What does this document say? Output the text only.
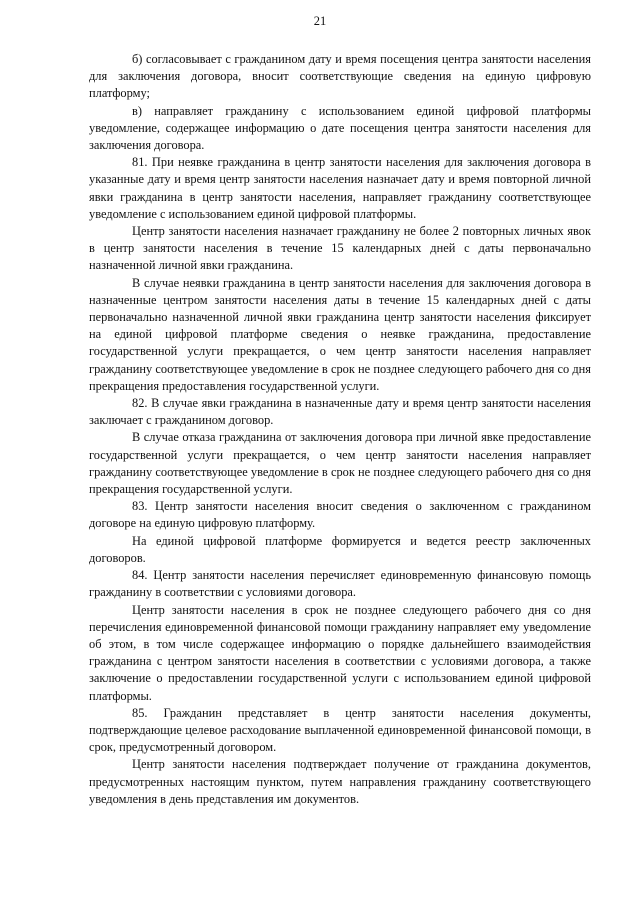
21

б) согласовывает с гражданином дату и время посещения центра занятости населения для заключения договора, вносит соответствующие сведения на единую цифровую платформу;

в) направляет гражданину с использованием единой цифровой платформы уведомление, содержащее информацию о дате посещения центра занятости населения для заключения договора.

81. При неявке гражданина в центр занятости населения для заключения договора в указанные дату и время центр занятости населения назначает дату и время повторной личной явки гражданина в центр занятости населения, направляет гражданину соответствующее уведомление с использованием единой цифровой платформы.

Центр занятости населения назначает гражданину не более 2 повторных личных явок в центр занятости населения в течение 15 календарных дней с даты первоначально назначенной личной явки гражданина.

В случае неявки гражданина в центр занятости населения для заключения договора в назначенные центром занятости населения даты в течение 15 календарных дней с даты первоначально назначенной личной явки гражданина центр занятости населения фиксирует на единой цифровой платформе сведения о неявке гражданина, предоставление государственной услуги прекращается, о чем центр занятости населения направляет гражданину соответствующее уведомление в срок не позднее следующего рабочего дня со дня прекращения предоставления государственной услуги.

82. В случае явки гражданина в назначенные дату и время центр занятости населения заключает с гражданином договор.

В случае отказа гражданина от заключения договора при личной явке предоставление государственной услуги прекращается, о чем центр занятости населения направляет гражданину соответствующее уведомление в срок не позднее следующего рабочего дня со дня прекращения государственной услуги.

83. Центр занятости населения вносит сведения о заключенном с гражданином договоре на единую цифровую платформу.

На единой цифровой платформе формируется и ведется реестр заключенных договоров.

84. Центр занятости населения перечисляет единовременную финансовую помощь гражданину в соответствии с условиями договора.

Центр занятости населения в срок не позднее следующего рабочего дня со дня перечисления единовременной финансовой помощи гражданину направляет ему уведомление об этом, в том числе содержащее информацию о порядке дальнейшего взаимодействия гражданина с центром занятости населения в соответствии с условиями договора, а также заключение о предоставлении государственной услуги с использованием единой цифровой платформы.

85. Гражданин представляет в центр занятости населения документы, подтверждающие целевое расходование выплаченной единовременной финансовой помощи, в срок, предусмотренный договором.

Центр занятости населения подтверждает получение от гражданина документов, предусмотренных настоящим пунктом, путем направления гражданину соответствующего уведомления в день представления им документов.
